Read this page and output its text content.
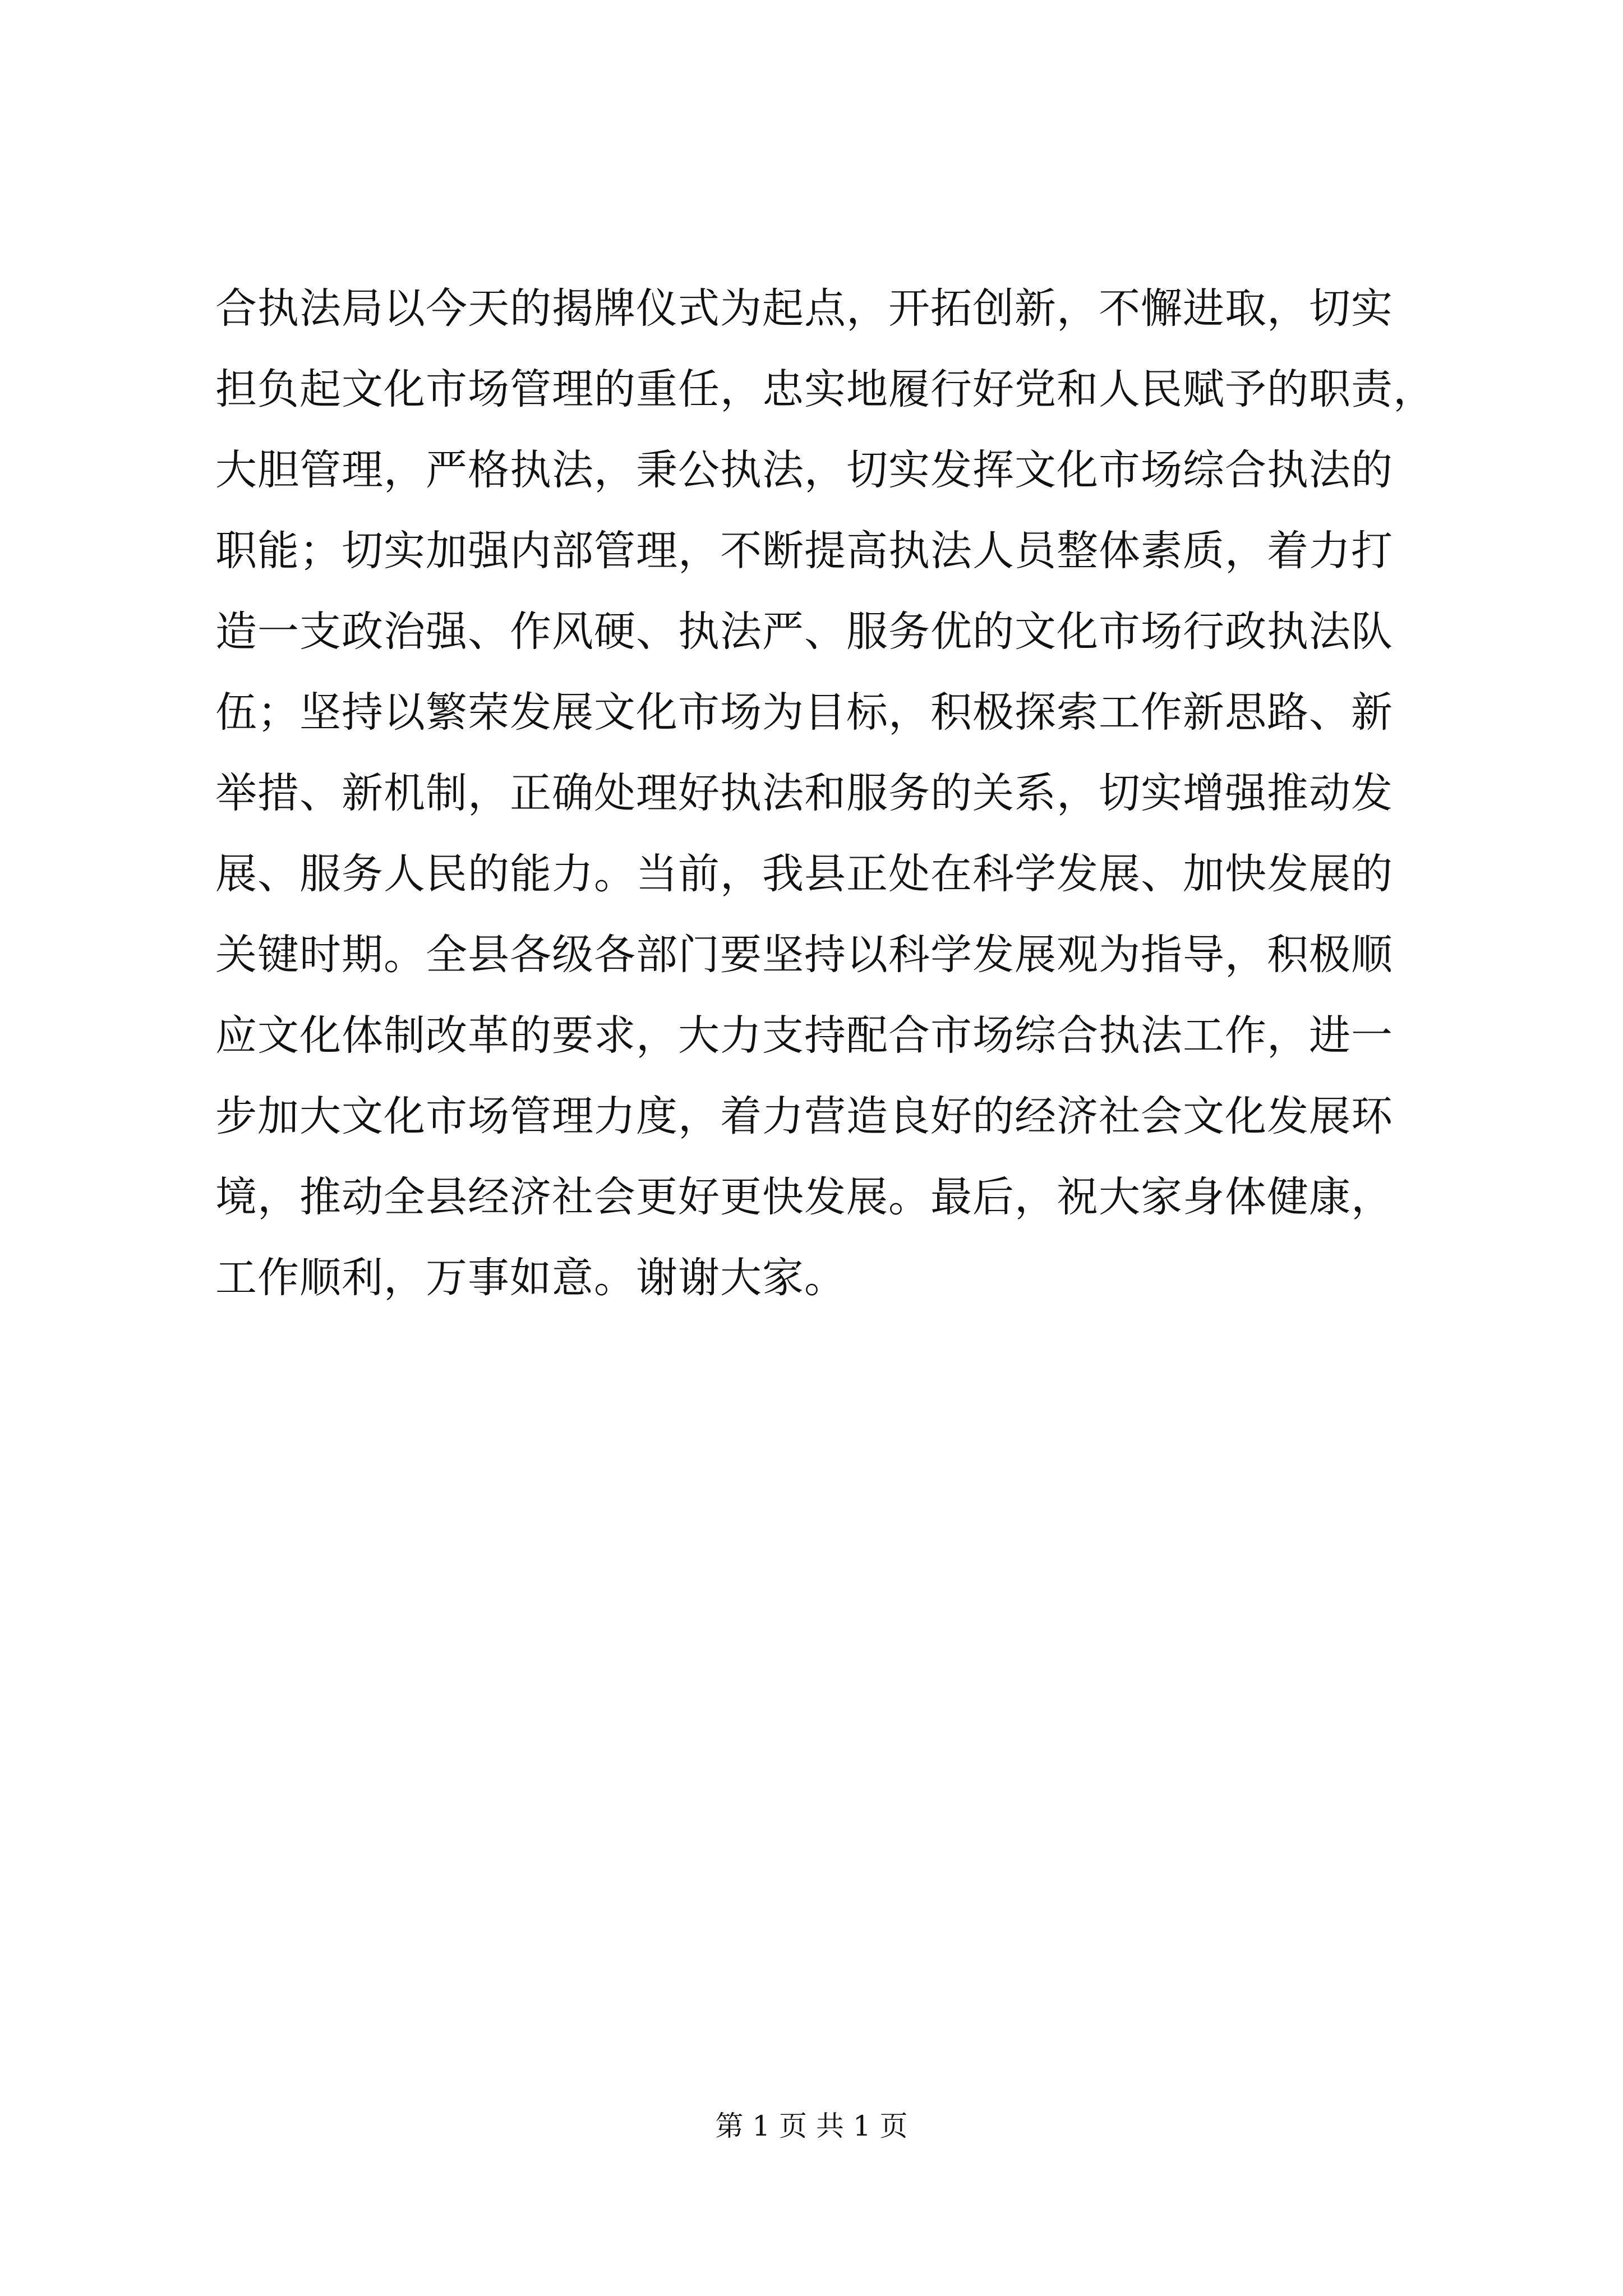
合执法局以今天的揭牌仪式为起点，开拓创新，不懈进取，切实
担负起文化市场管理的重任，忠实地履行好党和人民赋予的职责，
大胆管理，严格执法，秉公执法，切实发挥文化市场综合执法的
职能；切实加强内部管理，不断提高执法人员整体素质，着力打
造一支政治强、作风硬、执法严、服务优的文化市场行政执法队
伍；坚持以繁荣发展文化市场为目标，积极探索工作新思路、新
举措、新机制，正确处理好执法和服务的关系，切实增强推动发
展、服务人民的能力。当前，我县正处在科学发展、加快发展的
关键时期。全县各级各部门要坚持以科学发展观为指导，积极顺
应文化体制改革的要求，大力支持配合市场综合执法工作，进一
步加大文化市场管理力度，着力营造良好的经济社会文化发展环
境，推动全县经济社会更好更快发展。最后，祝大家身体健康，
工作顺利，万事如意。谢谢大家。
第 1 页 共 1 页
